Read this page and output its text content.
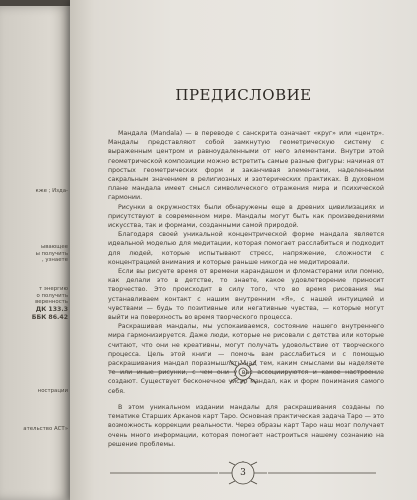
кже ; Изда-
ывающее
ы получить
, узнаете
т энергию
о получить
веренность
ДК 133.3
ББК 86.42
нострации
ательство АСТ»
ПРЕДИСЛОВИЕ

Мандала (Mandala) — в переводе с санскрита означает «круг» или «центр». Мандалы представляют собой замкнутую геометрическую систему с выраженным центром и равноудаленными от него элементами. Внутри этой геометрической композиции можно встретить самые разные фигуры: начиная от простых геометрических форм и заканчивая элементами, наделенными сакральным значением в религиозных и эзотерических практиках. В духовном плане мандала имеет смысл символического отражения мира и психической гармонии.

Рисунки в окружностях были обнаружены еще в древних цивилизациях и присутствуют в современном мире. Мандалы могут быть как произведениями искусства, так и формами, созданными самой природой.

Благодаря своей уникальной концентрической форме мандала является идеальной моделью для медитации, которая помогает расслабиться и подходит для людей, которые испытывают стресс, напряжение, сложности с концентрацией внимания и которые раньше никогда не медитировали.

Если вы рисуете время от времени карандашом и фломастерами или помню, как делали это в детстве, то знаете, какое удовлетворение приносит творчество. Это происходит в силу того, что во время рисования мы устанавливаем контакт с нашим внутренним «Я», с нашей интуицией и чувствами — будь то позитивные или негативные чувства, — которые могут выйти на поверхность во время творческого процесса.

Раскрашивая мандалы, мы успокаиваемся, состояние нашего внутреннего мира гармонизируется. Даже люди, которые не рисовали с детства или которые считают, что они не креативны, могут получать удовольствие от творческого процесса. Цель этой книги — помочь вам расслабиться и с помощью раскрашивания мандал поразмышлять над тем, каким смыслами вы наделяете те или иные рисунки, с чем они у вас ассоциируются и какое настроение создают. Существует бесконечное число мандал, как и форм понимания самого себя.

В этом уникальном издании мандалы для раскрашивания созданы по тематике Старших Арканов карт Таро. Основная практическая задача Таро — это возможность коррекции реальности. Через образы карт Таро наш мозг получает очень много информации, которая помогает настроиться нашему сознанию на решение проблемы.

3
